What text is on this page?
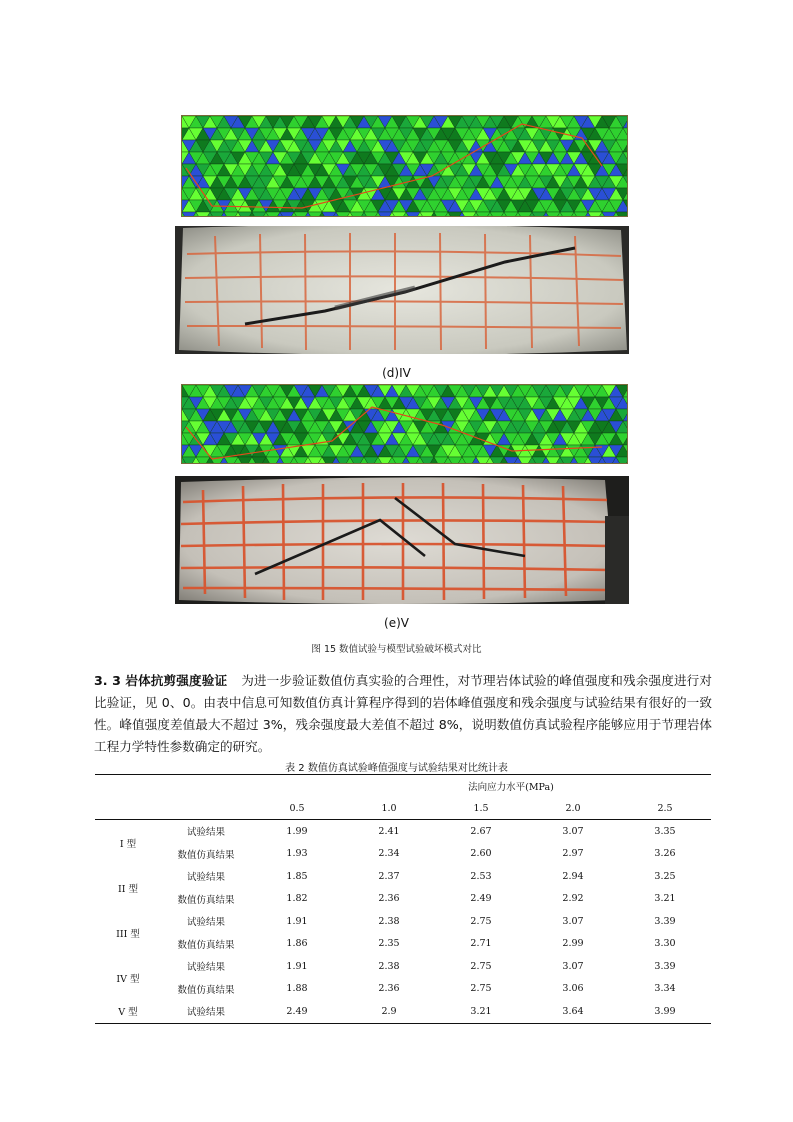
(d)IV
(e)V
图 15 数值试验与模型试验破坏模式对比
3. 3 岩体抗剪强度验证 为进一步验证数值仿真实验的合理性，对节理岩体试验的峰值强度和残余强度进行对比验证，见 0、0。由表中信息可知数值仿真计算程序得到的岩体峰值强度和残余强度与试验结果有很好的一致性。峰值强度差值最大不超过 3%，残余强度最大差值不超过 8%，说明数值仿真试验程序能够应用于节理岩体工程力学特性参数确定的研究。
表 2 数值仿真试验峰值强度与试验结果对比统计表
		法向应力水平(MPa)				
		0.5	1.0	1.5	2.0	2.5
I 型	试验结果	1.99	2.41	2.67	3.07	3.35
	数值仿真结果	1.93	2.34	2.60	2.97	3.26
II 型	试验结果	1.85	2.37	2.53	2.94	3.25
	数值仿真结果	1.82	2.36	2.49	2.92	3.21
III 型	试验结果	1.91	2.38	2.75	3.07	3.39
	数值仿真结果	1.86	2.35	2.71	2.99	3.30
IV 型	试验结果	1.91	2.38	2.75	3.07	3.39
	数值仿真结果	1.88	2.36	2.75	3.06	3.34
V 型	试验结果	2.49	2.9	3.21	3.64	3.99
